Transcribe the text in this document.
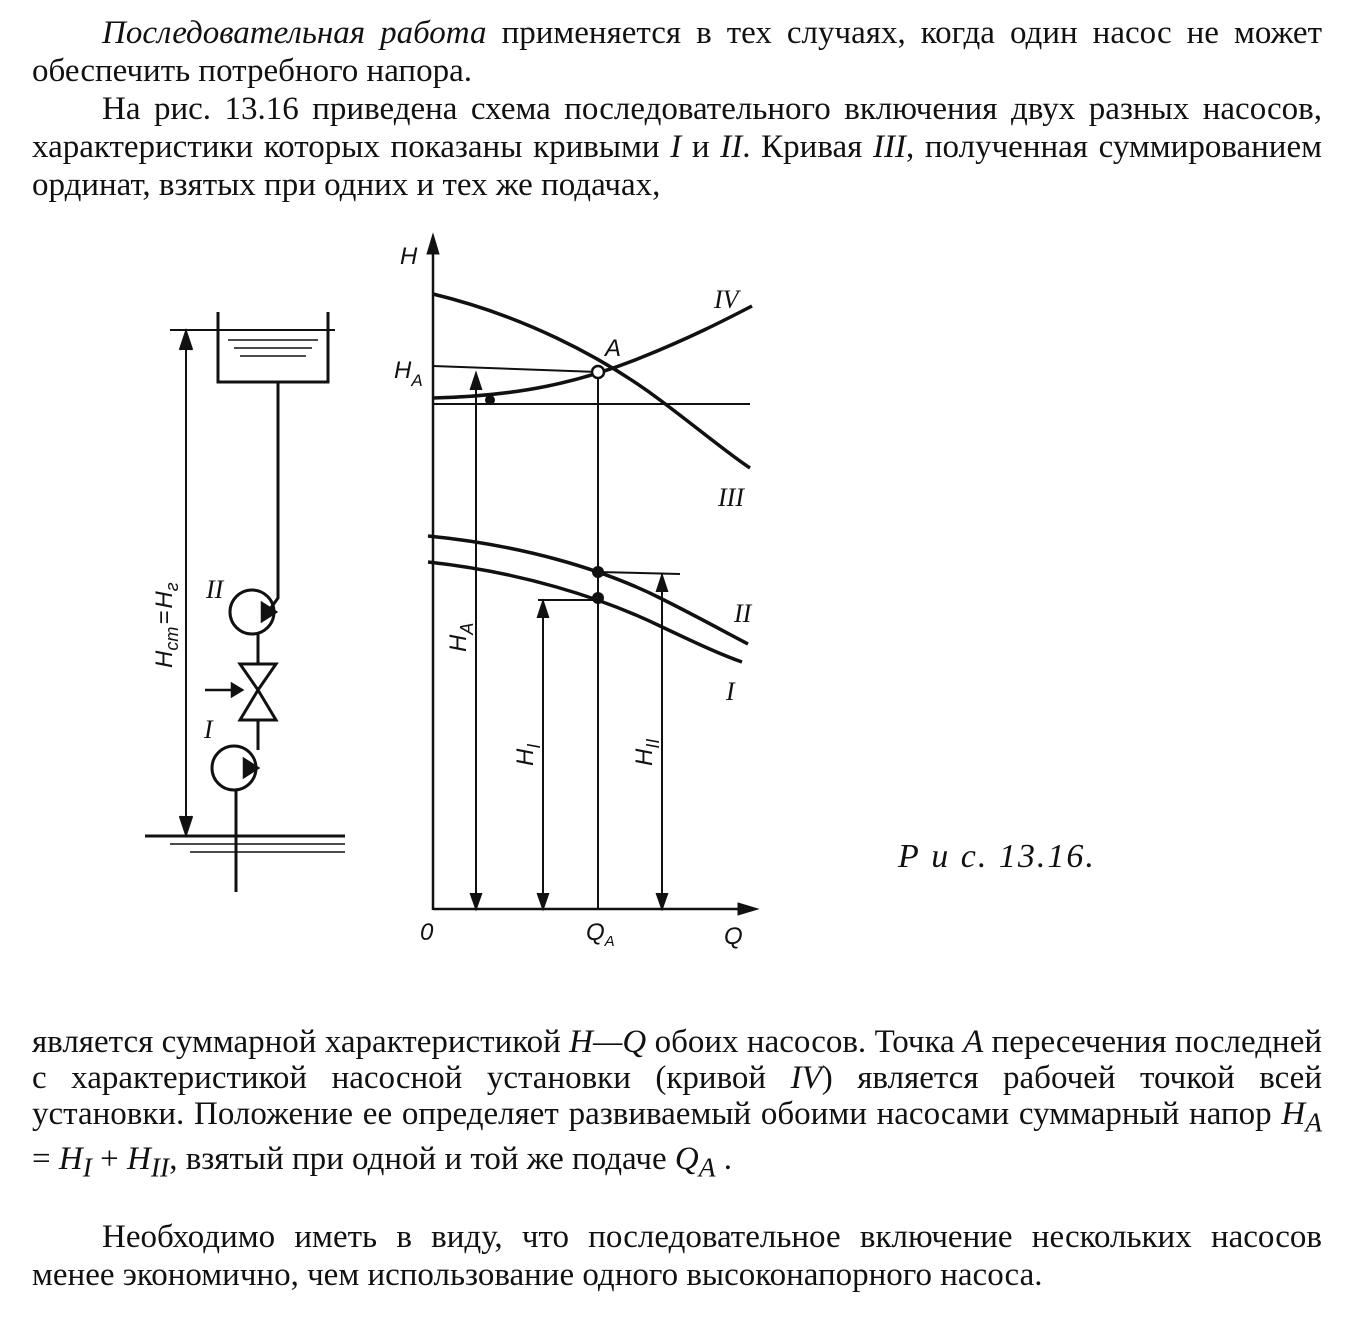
Последовательная работа применяется в тех случаях, когда один насос не может обеспечить потребного напора.

На рис. 13.16 приведена схема последовательного включения двух разных насосов, характеристики которых показаны кривыми I и II. Кривая III, полученная суммированием ординат, взятых при одних и тех же подачах,

$H_{cm}=H_г$ II
I
H
$H_A$
A
IV
III
II
I
0	$Q_A$	Q
$H_A$
$H_I$
$H_{II}$
Р и с. 13.16.

является суммарной характеристикой H—Q обоих насосов. Точка А пересечения последней с характеристикой насосной установки (кривой IV) является рабочей точкой всей установки. Положение ее определяет развиваемый обоими насосами суммарный напор $H_A = H_I + H_{II}$, взятый при одной и той же подаче $Q_A$ .

Необходимо иметь в виду, что последовательное включение нескольких насосов менее экономично, чем использование одного высоконапорного насоса.
